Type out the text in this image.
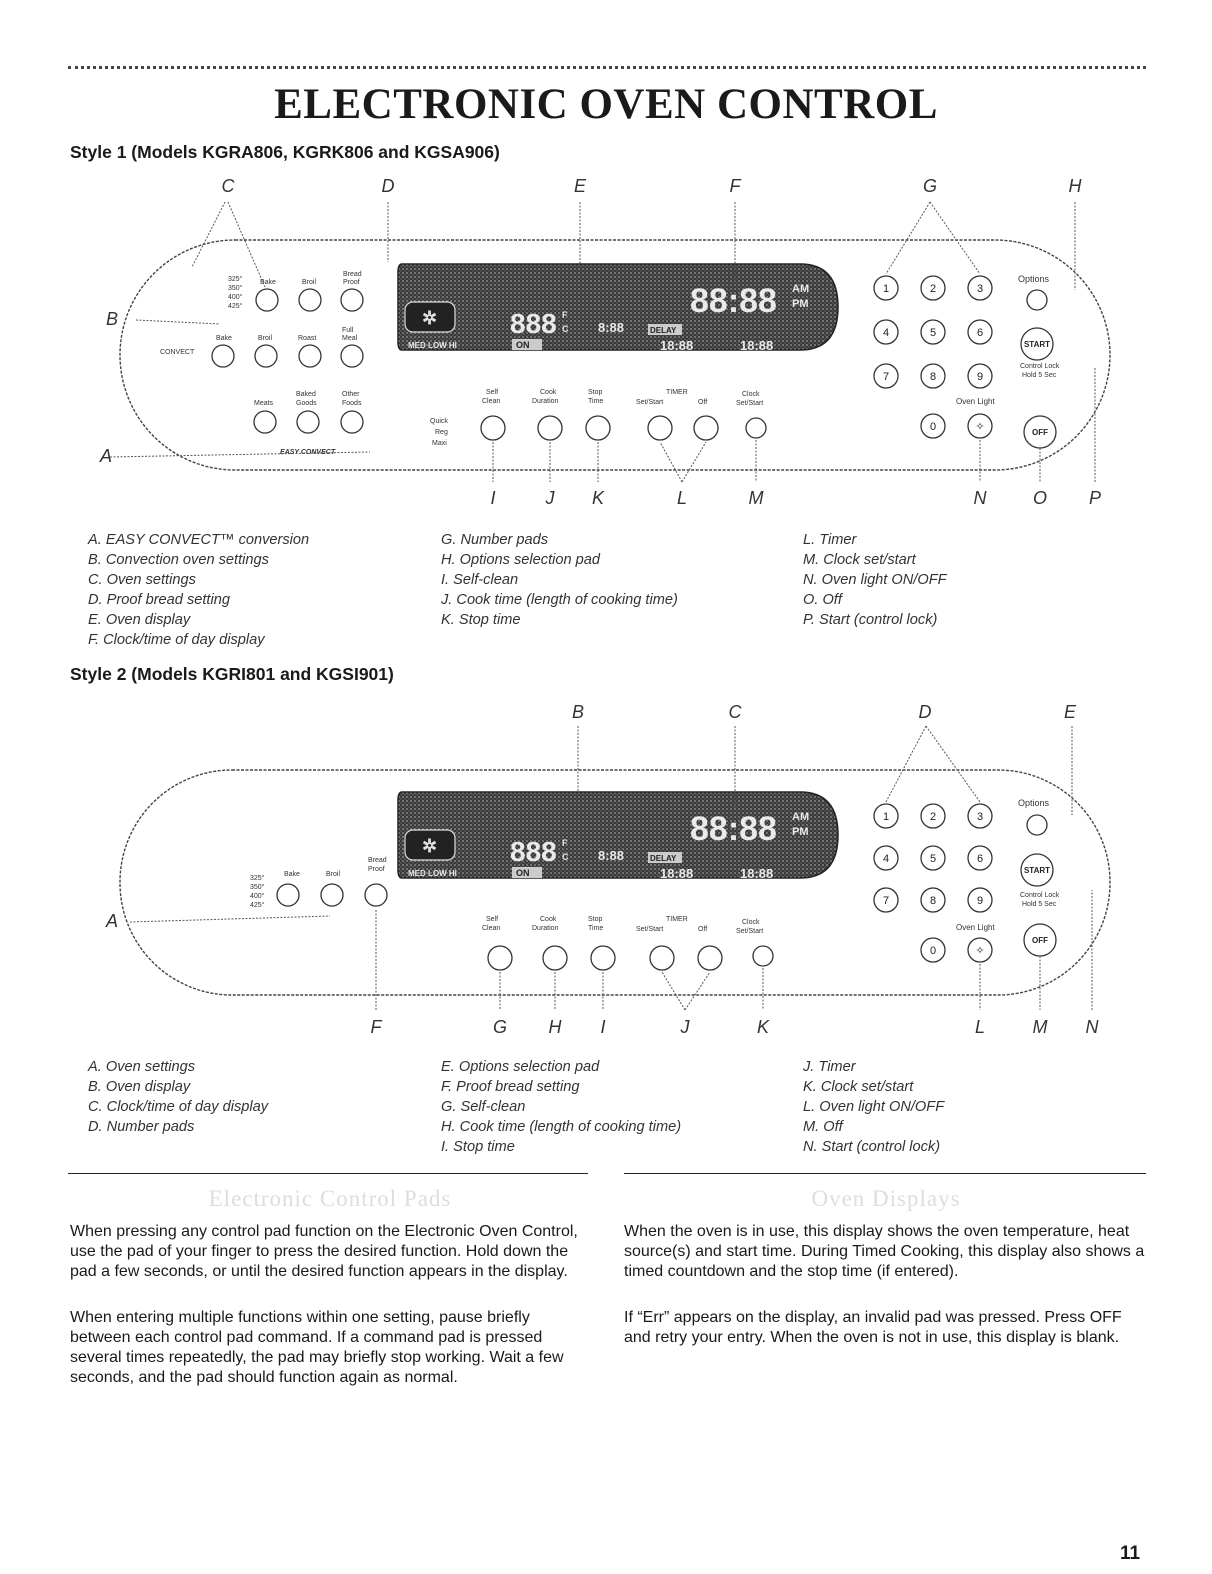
ELECTRONIC OVEN CONTROL
Style 1 (Models KGRA806, KGRK806 and KGSA906)
✲	888 F
C
88:88 AM
PM
8:88
ON
DELAY
18:88	18:88
MED LOW HI
325°
350°
400°
425°
Bake	Broil
Bread
Proof
CONVECT
Bake	Broil	Roast
Full
Meal
Meats
Baked
Goods
Other
Foods
EASY CONVECT
Quick
Reg
Maxi
Self
Clean
Cook
Duration
Stop
Time
TIMER
Set/Start	Off
Clock
Set/Start
Options
Control Lock
Hold 5 Sec
Oven Light
START
OFF
1	2	3
4	5	6
7	8	9
0	✧
C	D	E	F	G	H
B
A
I	J	K	L	M	N	O	P
A. EASY CONVECT™ conversion
B. Convection oven settings
C. Oven settings
D. Proof bread setting
E. Oven display
F. Clock/time of day display
G. Number pads
H. Options selection pad
I. Self-clean
J. Cook time (length of cooking time)
K. Stop time
L. Timer
M. Clock set/start
N. Oven light ON/OFF
O. Off
P. Start (control lock)
Style 2 (Models KGRI801 and KGSI901)
✲	888 F
C
88:88 AM
PM
8:88
ON
DELAY
18:88	18:88
MED LOW HI
325°
350°
400°
425°
Bake	Broil
Bread
Proof
Self
Clean
Cook
Duration
Stop
Time
TIMER
Set/Start	Off
Clock
Set/Start
Options
Control Lock
Hold 5 Sec
Oven Light
START
OFF
1	2	3
4	5	6
7	8	9
0	✧
B	C	D	E
A
F	G	H	I	J	K	L	M	N
A. Oven settings
B. Oven display
C. Clock/time of day display
D. Number pads
E. Options selection pad
F. Proof bread setting
G. Self-clean
H. Cook time (length of cooking time)
I. Stop time
J. Timer
K. Clock set/start
L. Oven light ON/OFF
M. Off
N. Start (control lock)
Electronic Control Pads

When pressing any control pad function on the Electronic Oven Control, use the pad of your finger to press the desired function. Hold down the pad a few seconds, or until the desired function appears in the display.

When entering multiple functions within one setting, pause briefly between each control pad command. If a command pad is pressed several times repeatedly, the pad may briefly stop working. Wait a few seconds, and the pad should function again as normal.

Oven Displays

When the oven is in use, this display shows the oven temperature, heat source(s) and start time. During Timed Cooking, this display also shows a timed countdown and the stop time (if entered).

If “Err” appears on the display, an invalid pad was pressed. Press OFF and retry your entry. When the oven is not in use, this display is blank.

11
